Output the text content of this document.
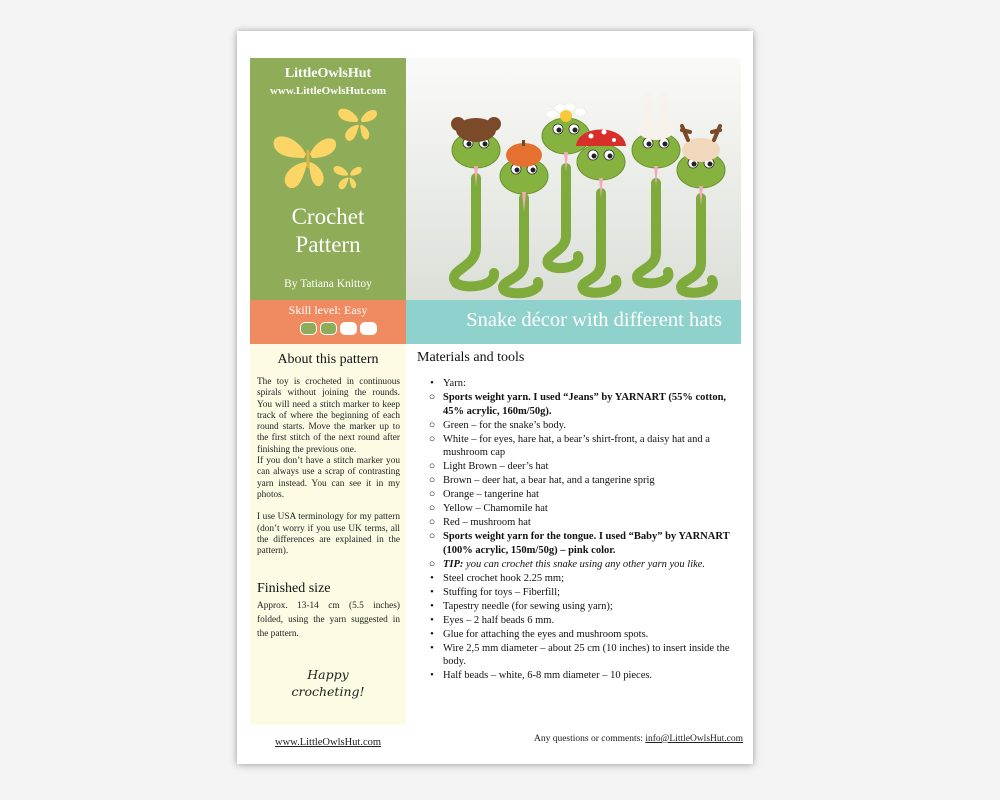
LittleOwlsHut
www.LittleOwlsHut.com
Crochet
Pattern
By Tatiana Knittoy
Skill level: Easy	Snake décor with different hats
About this pattern

The toy is crocheted in continuous spirals without joining the rounds. You will need a stitch marker to keep track of where the beginning of each round starts. Move the marker up to the first stitch of the next round after finishing the previous one.

If you don’t have a stitch marker you can always use a scrap of contrasting yarn instead. You can see it in my photos.

I use USA terminology for my pattern (don’t worry if you use UK terms, all the differences are explained in the pattern).

Finished size
Approx. 13-14 cm (5.5 inches) folded, using the yarn suggested in the pattern.
Happy
crocheting!
Materials and tools
• Yarn:
○ Sports weight yarn. I used “Jeans” by YARNART (55% cotton, 45% acrylic, 160m/50g).
○ Green – for the snake’s body.
○ White – for eyes, hare hat, a bear’s shirt-front, a daisy hat and a mushroom cap
○ Light Brown – deer’s hat
○ Brown – deer hat, a bear hat, and a tangerine sprig
○ Orange – tangerine hat
○ Yellow – Chamomile hat
○ Red – mushroom hat
○ Sports weight yarn for the tongue. I used “Baby” by YARNART (100% acrylic, 150m/50g) – pink color.
○ TIP: you can crochet this snake using any other yarn you like.
• Steel crochet hook 2.25 mm;
• Stuffing for toys – Fiberfill;
• Tapestry needle (for sewing using yarn);
• Eyes – 2 half beads 6 mm.
• Glue for attaching the eyes and mushroom spots.
• Wire 2,5 mm diameter – about 25 cm (10 inches) to insert inside the body.
• Half beads – white, 6-8 mm diameter – 10 pieces.
www.LittleOwlsHut.com	Any questions or comments: info@LittleOwlsHut.com
